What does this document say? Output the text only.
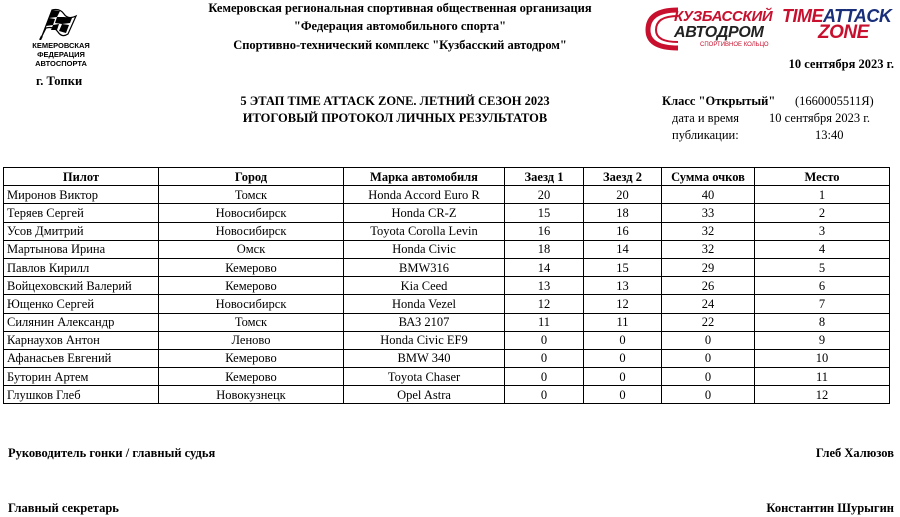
КЕМЕРОВСКАЯ
ФЕДЕРАЦИЯ АВТОСПОРТА
Кемеровская региональная спортивная общественная организация
"Федерация автомобильного спорта"
Спортивно-технический комплекс "Кузбасский автодром"
КУЗБАССКИЙ
АВТОДРОМ
СПОРТИВНОЕ КОЛЬЦО
TIMEATTACK
ZONE
10 сентября 2023 г.
г. Топки
5 ЭТАП TIME ATTACK ZONE. ЛЕТНИЙ СЕЗОН 2023
ИТОГОВЫЙ ПРОТОКОЛ ЛИЧНЫХ РЕЗУЛЬТАТОВ
Класс "Открытый" (1660005511Я)
дата и время 10 сентября 2023 г.
публикации:	13:40
Пилот	Город	Марка автомобиля	Заезд 1	Заезд 2	Сумма очков	Место
Миронов Виктор	Томск	Honda Accord Euro R	20	20	40	1
Теряев Сергей	Новосибирск	Honda CR-Z	15	18	33	2
Усов Дмитрий	Новосибирск	Toyota Corolla Levin	16	16	32	3
Мартынова Ирина	Омск	Honda Civic	18	14	32	4
Павлов Кирилл	Кемерово	BMW316	14	15	29	5
Войцеховский Валерий	Кемерово	Kia Ceed	13	13	26	6
Ющенко Сергей	Новосибирск	Honda Vezel	12	12	24	7
Силянин Александр	Томск	ВАЗ 2107	11	11	22	8
Карнаухов Антон	Леново	Honda Civic EF9	0	0	0	9
Афанасьев Евгений	Кемерово	BMW 340	0	0	0	10
Буторин Артем	Кемерово	Toyota Chaser	0	0	0	11
Глушков Глеб	Новокузнецк	Opel Astra	0	0	0	12
Руководитель гонки / главный судья	Глеб Халюзов
Главный секретарь	Константин Шурыгин
